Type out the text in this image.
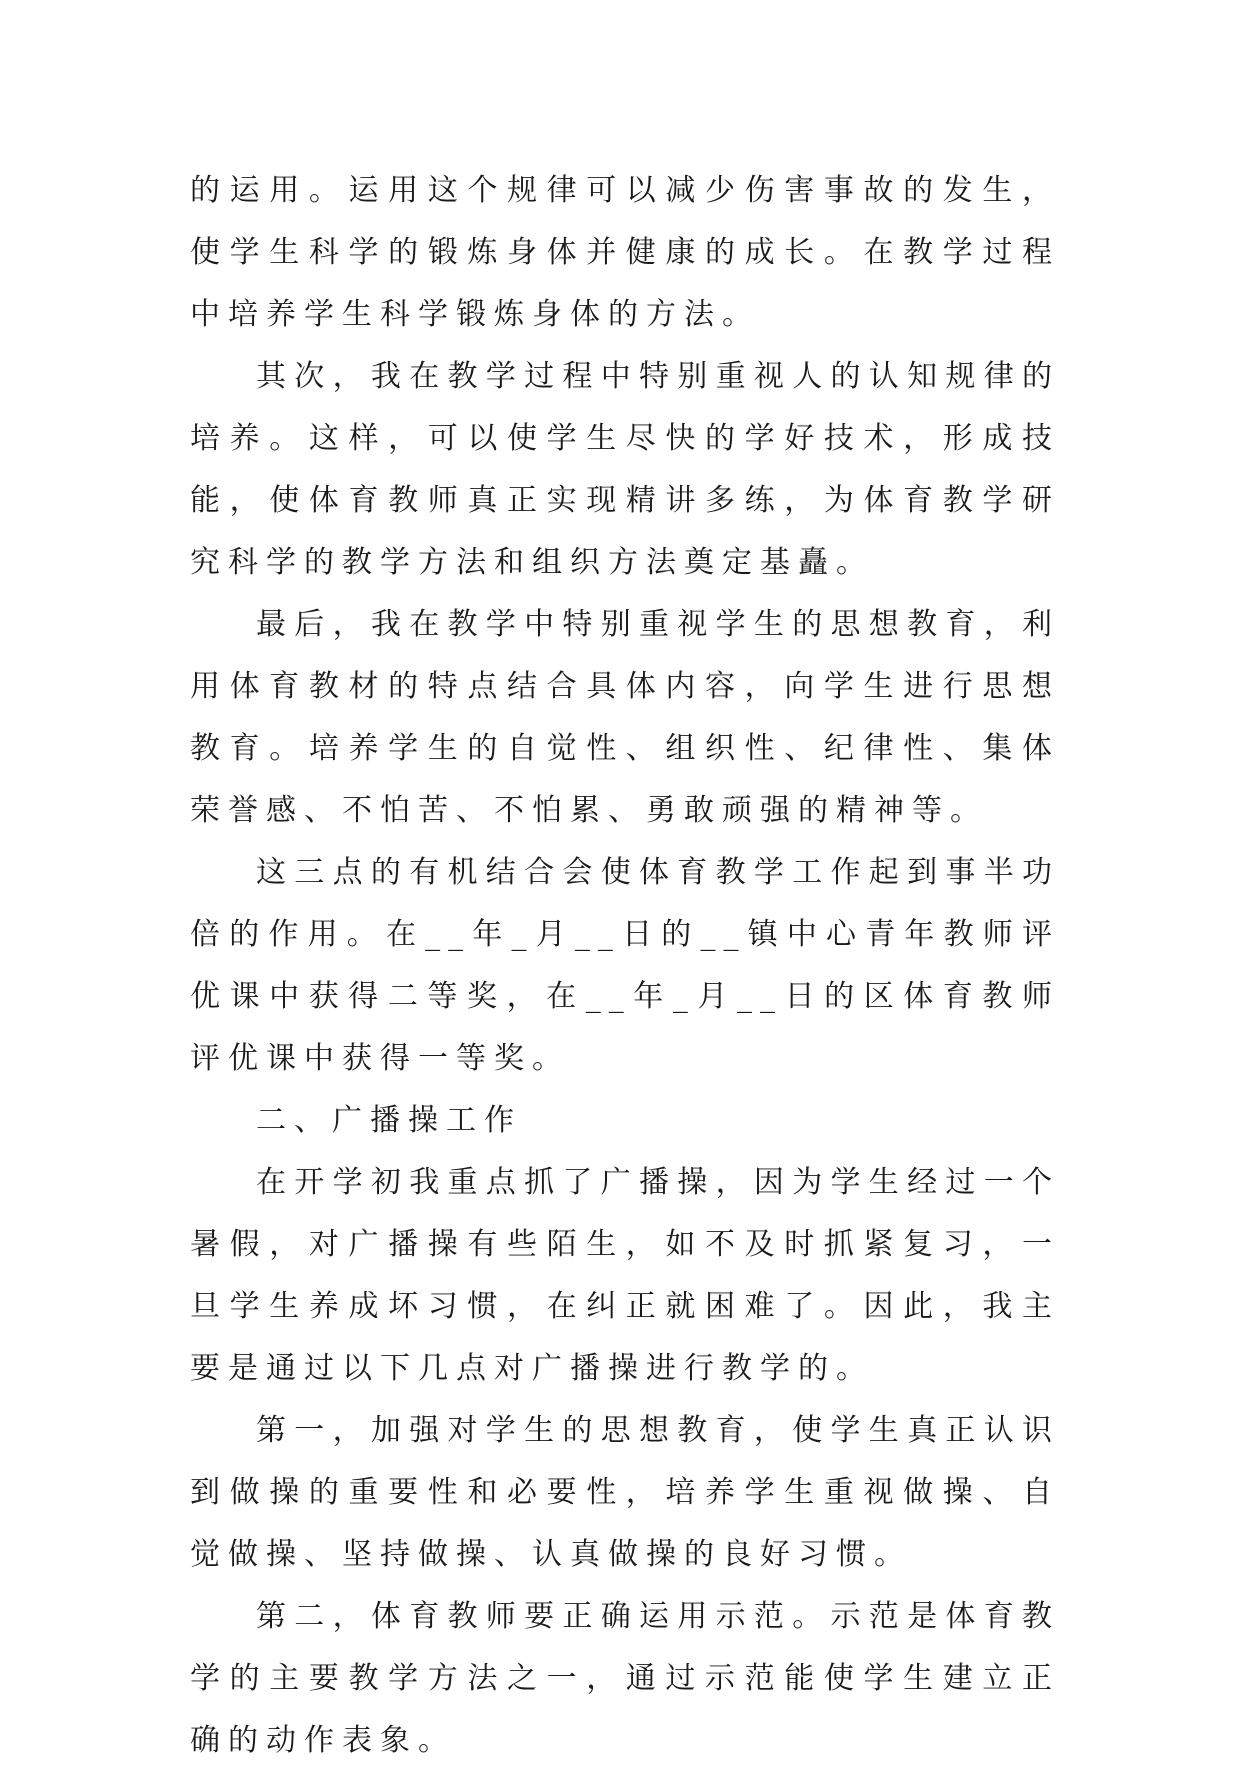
的运用。运用这个规律可以减少伤害事故的发生，使学生科学的锻炼身体并健康的成长。在教学过程中培养学生科学锻炼身体的方法。

其次，我在教学过程中特别重视人的认知规律的培养。这样，可以使学生尽快的学好技术，形成技能，使体育教师真正实现精讲多练，为体育教学研究科学的教学方法和组织方法奠定基矗。

最后，我在教学中特别重视学生的思想教育，利用体育教材的特点结合具体内容，向学生进行思想教育。培养学生的自觉性、组织性、纪律性、集体荣誉感、不怕苦、不怕累、勇敢顽强的精神等。

这三点的有机结合会使体育教学工作起到事半功倍的作用。在__年_月__日的__镇中心青年教师评优课中获得二等奖，在__年_月__日的区体育教师评优课中获得一等奖。

二、广播操工作

在开学初我重点抓了广播操，因为学生经过一个暑假，对广播操有些陌生，如不及时抓紧复习，一旦学生养成坏习惯，在纠正就困难了。因此，我主要是通过以下几点对广播操进行教学的。

第一，加强对学生的思想教育，使学生真正认识到做操的重要性和必要性，培养学生重视做操、自觉做操、坚持做操、认真做操的良好习惯。

第二，体育教师要正确运用示范。示范是体育教学的主要教学方法之一，通过示范能使学生建立正确的动作表象。
